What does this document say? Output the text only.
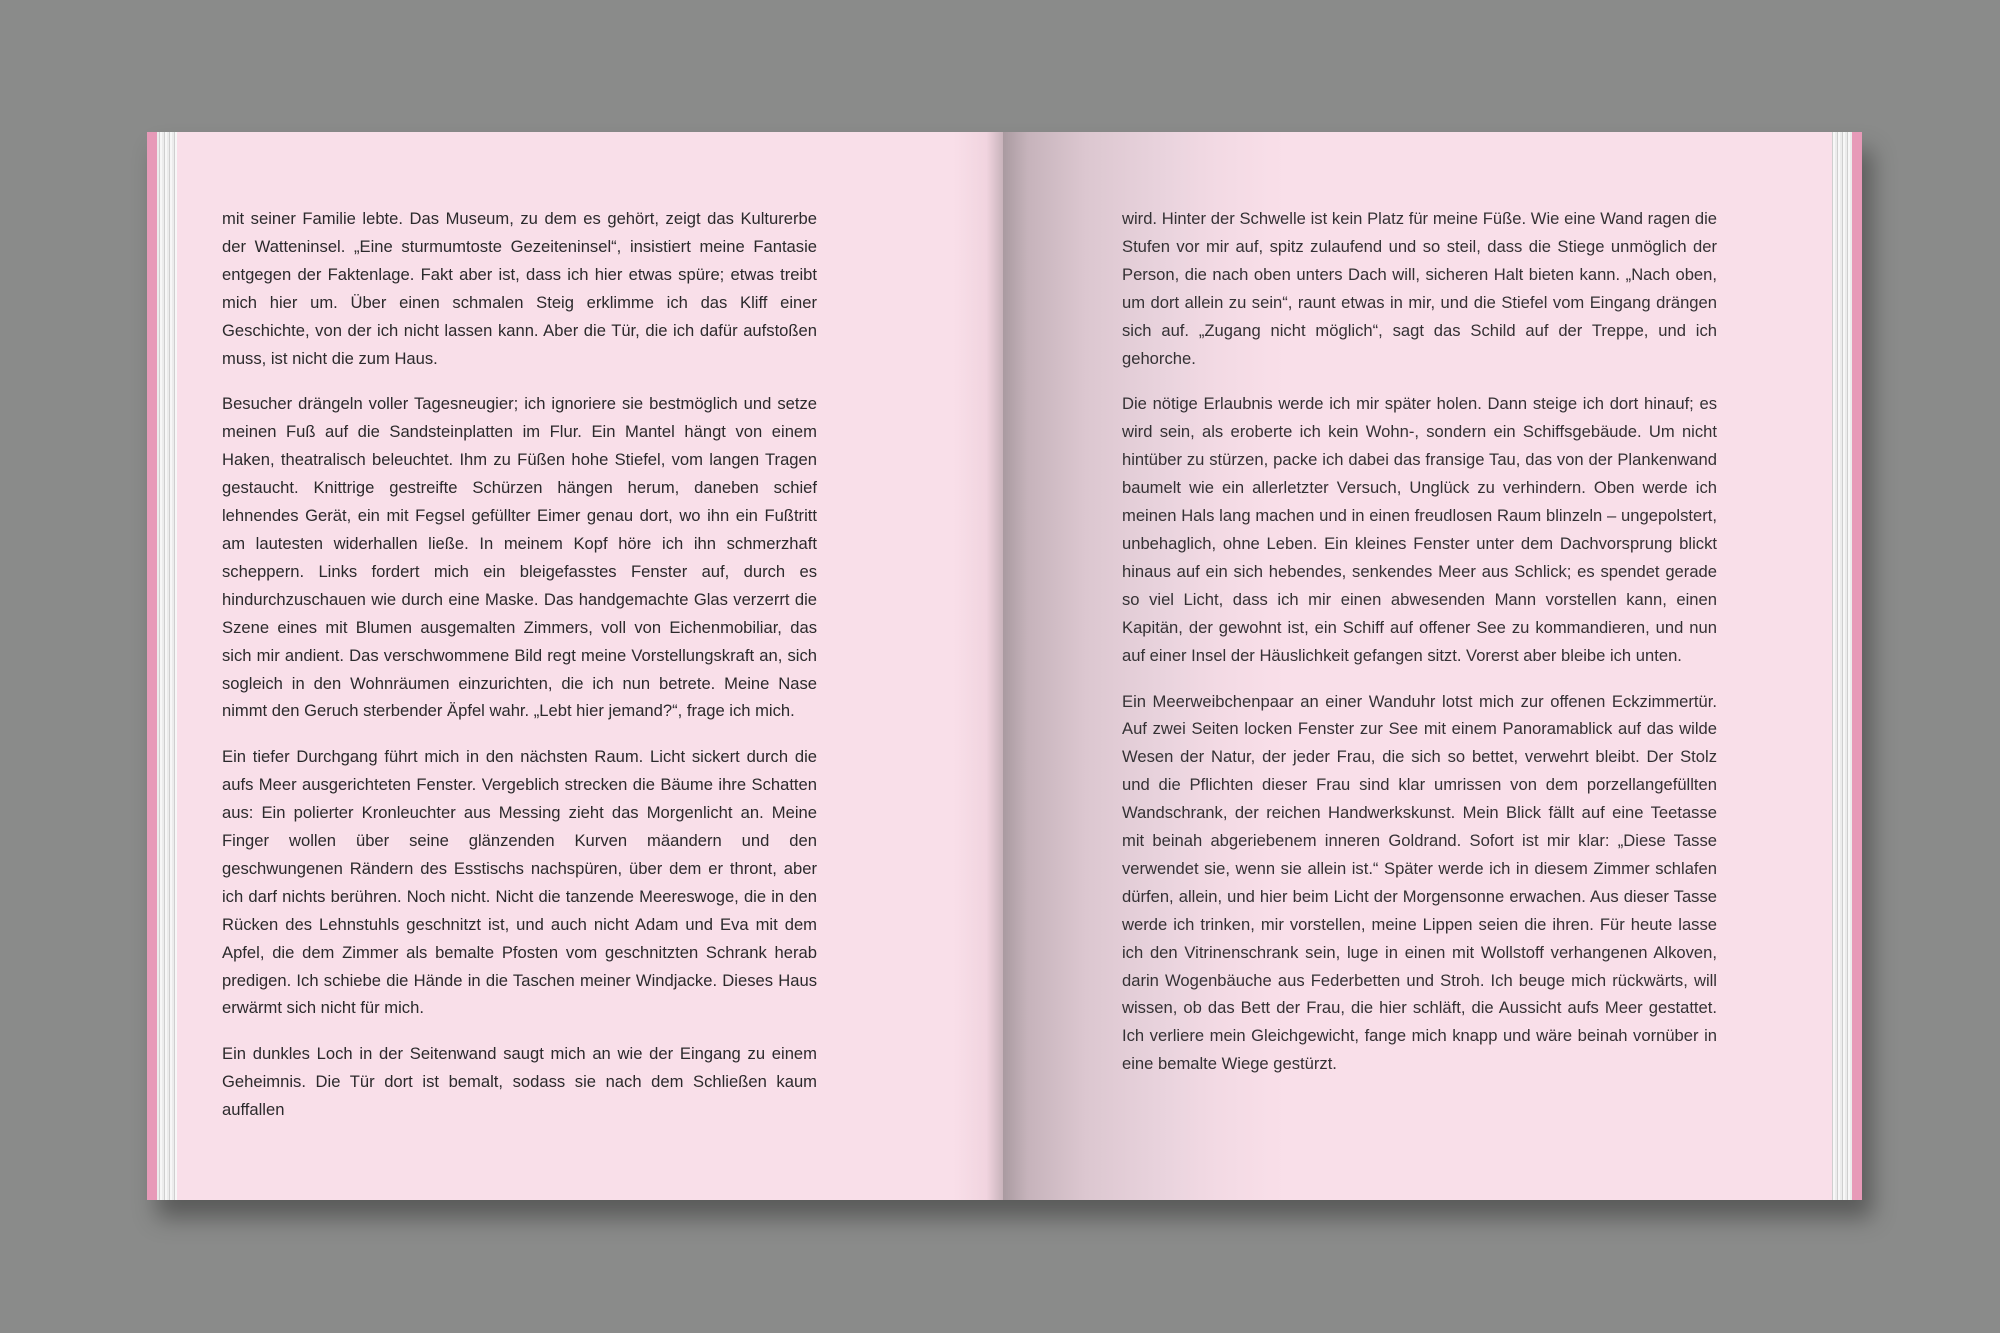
mit seiner Familie lebte. Das Museum, zu dem es gehört, zeigt das Kulturerbe der Watteninsel. „Eine sturmumtoste Gezeiteninsel“, insistiert meine Fantasie entgegen der Faktenlage. Fakt aber ist, dass ich hier etwas spüre; etwas treibt mich hier um. Über einen schmalen Steig erklimme ich das Kliff einer Geschichte, von der ich nicht lassen kann. Aber die Tür, die ich dafür aufstoßen muss, ist nicht die zum Haus.

Besucher drängeln voller Tagesneugier; ich ignoriere sie bestmöglich und setze meinen Fuß auf die Sandsteinplatten im Flur. Ein Mantel hängt von einem Haken, theatralisch beleuchtet. Ihm zu Füßen hohe Stiefel, vom langen Tragen gestaucht. Knittrige gestreifte Schürzen hängen herum, daneben schief lehnendes Gerät, ein mit Fegsel gefüllter Eimer genau dort, wo ihn ein Fußtritt am lautesten widerhallen ließe. In meinem Kopf höre ich ihn schmerzhaft scheppern. Links fordert mich ein bleigefasstes Fenster auf, durch es hindurchzuschauen wie durch eine Maske. Das handgemachte Glas verzerrt die Szene eines mit Blumen ausgemalten Zimmers, voll von Eichenmobiliar, das sich mir andient. Das verschwommene Bild regt meine Vorstellungskraft an, sich sogleich in den Wohnräumen einzurichten, die ich nun betrete. Meine Nase nimmt den Geruch sterbender Äpfel wahr. „Lebt hier jemand?“, frage ich mich.

Ein tiefer Durchgang führt mich in den nächsten Raum. Licht sickert durch die aufs Meer ausgerichteten Fenster. Vergeblich strecken die Bäume ihre Schatten aus: Ein polierter Kronleuchter aus Messing zieht das Morgenlicht an. Meine Finger wollen über seine glänzenden Kurven mäandern und den geschwungenen Rändern des Esstischs nachspüren, über dem er thront, aber ich darf nichts berühren. Noch nicht. Nicht die tanzende Meereswoge, die in den Rücken des Lehnstuhls geschnitzt ist, und auch nicht Adam und Eva mit dem Apfel, die dem Zimmer als bemalte Pfosten vom geschnitzten Schrank herab predigen. Ich schiebe die Hände in die Taschen meiner Windjacke. Dieses Haus erwärmt sich nicht für mich.

Ein dunkles Loch in der Seitenwand saugt mich an wie der Eingang zu einem Geheimnis. Die Tür dort ist bemalt, sodass sie nach dem Schließen kaum auffallen

wird. Hinter der Schwelle ist kein Platz für meine Füße. Wie eine Wand ragen die Stufen vor mir auf, spitz zulaufend und so steil, dass die Stiege unmöglich der Person, die nach oben unters Dach will, sicheren Halt bieten kann. „Nach oben, um dort allein zu sein“, raunt etwas in mir, und die Stiefel vom Eingang drängen sich auf. „Zugang nicht möglich“, sagt das Schild auf der Treppe, und ich gehorche.

Die nötige Erlaubnis werde ich mir später holen. Dann steige ich dort hinauf; es wird sein, als eroberte ich kein Wohn-, sondern ein Schiffsgebäude. Um nicht hintüber zu stürzen, packe ich dabei das fransige Tau, das von der Plankenwand baumelt wie ein allerletzter Versuch, Unglück zu verhindern. Oben werde ich meinen Hals lang machen und in einen freudlosen Raum blinzeln – ungepolstert, unbehaglich, ohne Leben. Ein kleines Fenster unter dem Dachvorsprung blickt hinaus auf ein sich hebendes, senkendes Meer aus Schlick; es spendet gerade so viel Licht, dass ich mir einen abwesenden Mann vorstellen kann, einen Kapitän, der gewohnt ist, ein Schiff auf offener See zu kommandieren, und nun auf einer Insel der Häuslichkeit gefangen sitzt. Vorerst aber bleibe ich unten.

Ein Meerweibchenpaar an einer Wanduhr lotst mich zur offenen Eckzimmertür. Auf zwei Seiten locken Fenster zur See mit einem Panoramablick auf das wilde Wesen der Natur, der jeder Frau, die sich so bettet, verwehrt bleibt. Der Stolz und die Pflichten dieser Frau sind klar umrissen von dem porzellangefüllten Wandschrank, der reichen Handwerkskunst. Mein Blick fällt auf eine Teetasse mit beinah abgeriebenem inneren Goldrand. Sofort ist mir klar: „Diese Tasse verwendet sie, wenn sie allein ist.“ Später werde ich in diesem Zimmer schlafen dürfen, allein, und hier beim Licht der Morgensonne erwachen. Aus dieser Tasse werde ich trinken, mir vorstellen, meine Lippen seien die ihren. Für heute lasse ich den Vitrinenschrank sein, luge in einen mit Wollstoff verhangenen Alkoven, darin Wogenbäuche aus Federbetten und Stroh. Ich beuge mich rückwärts, will wissen, ob das Bett der Frau, die hier schläft, die Aussicht aufs Meer gestattet. Ich verliere mein Gleichgewicht, fange mich knapp und wäre beinah vornüber in eine bemalte Wiege gestürzt.
